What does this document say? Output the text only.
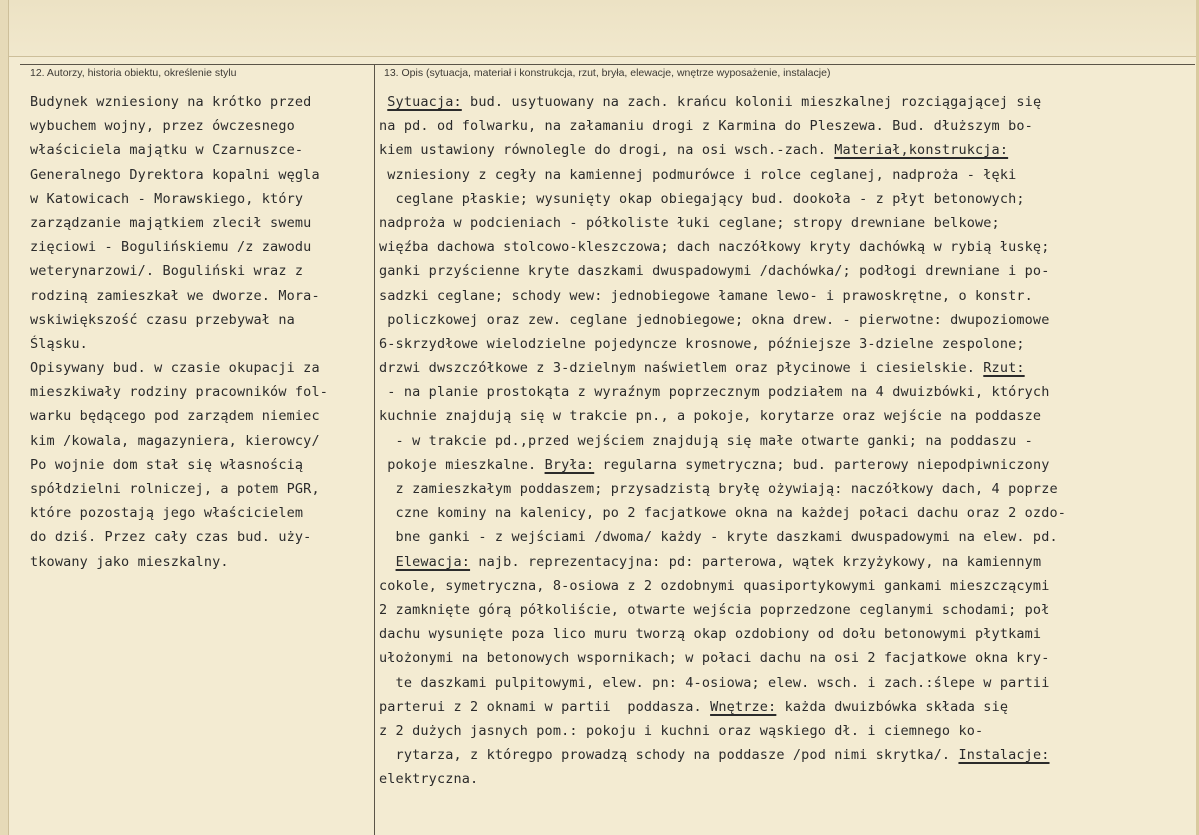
12. Autorzy, historia obiektu, określenie stylu	13. Opis (sytuacja, materiał i konstrukcja, rzut, bryła, elewacje, wnętrze wyposażenie, instalacje)
Budynek wzniesiony na krótko przed
wybuchem wojny, przez ówczesnego
właściciela majątku w Czarnuszce-
Generalnego Dyrektora kopalni węgla
w Katowicach - Morawskiego, który
zarządzanie majątkiem zlecił swemu
zięciowi - Bogulińskiemu /z zawodu
weterynarzowi/. Boguliński wraz z
rodziną zamieszkał we dworze. Mora-
wskiwiększość czasu przebywał na
Śląsku.
Opisywany bud. w czasie okupacji za
mieszkiwały rodziny pracowników fol-
warku będącego pod zarządem niemiec
kim /kowala, magazyniera, kierowcy/
Po wojnie dom stał się własnością
spółdzielni rolniczej, a potem PGR,
które pozostają jego właścicielem
do dziś. Przez cały czas bud. uży-
tkowany jako mieszkalny.
Sytuacja: bud. usytuowany na zach. krańcu kolonii mieszkalnej rozciągającej się
na pd. od folwarku, na załamaniu drogi z Karmina do Pleszewa. Bud. dłuższym bo-
kiem ustawiony równolegle do drogi, na osi wsch.-zach. Materiał,konstrukcja:
wzniesiony z cegły na kamiennej podmurówce i rolce ceglanej, nadproża - łęki
ceglane płaskie; wysunięty okap obiegający bud. dookoła - z płyt betonowych;
nadproża w podcieniach - półkoliste łuki ceglane; stropy drewniane belkowe;
więźba dachowa stolcowo-kleszczowa; dach naczółkowy kryty dachówką w rybią łuskę;
ganki przyścienne kryte daszkami dwuspadowymi /dachówka/; podłogi drewniane i po-
sadzki ceglane; schody wew: jednobiegowe łamane lewo- i prawoskrętne, o konstr.
policzkowej oraz zew. ceglane jednobiegowe; okna drew. - pierwotne: dwupoziomowe
6-skrzydłowe wielodzielne pojedyncze krosnowe, późniejsze 3-dzielne zespolone;
drzwi dwszczółkowe z 3-dzielnym naświetlem oraz płycinowe i ciesielskie. Rzut:
- na planie prostokąta z wyraźnym poprzecznym podziałem na 4 dwuizbówki, których
kuchnie znajdują się w trakcie pn., a pokoje, korytarze oraz wejście na poddasze
- w trakcie pd.,przed wejściem znajdują się małe otwarte ganki; na poddaszu -
pokoje mieszkalne. Bryła: regularna symetryczna; bud. parterowy niepodpiwniczony
z zamieszkałym poddaszem; przysadzistą bryłę ożywiają: naczółkowy dach, 4 poprze
czne kominy na kalenicy, po 2 facjatkowe okna na każdej połaci dachu oraz 2 ozdo-
bne ganki - z wejściami /dwoma/ każdy - kryte daszkami dwuspadowymi na elew. pd.
Elewacja: najb. reprezentacyjna: pd: parterowa, wątek krzyżykowy, na kamiennym
cokole, symetryczna, 8-osiowa z 2 ozdobnymi quasiportykowymi gankami mieszczącymi
2 zamknięte górą półkoliście, otwarte wejścia poprzedzone ceglanymi schodami; poł
dachu wysunięte poza lico muru tworzą okap ozdobiony od dołu betonowymi płytkami
ułożonymi na betonowych wspornikach; w połaci dachu na osi 2 facjatkowe okna kry-
te daszkami pulpitowymi, elew. pn: 4-osiowa; elew. wsch. i zach.:ślepe w partii
parterui z 2 oknami w partii  poddasza. Wnętrze: każda dwuizbówka składa się
z 2 dużych jasnych pom.: pokoju i kuchni oraz wąskiego dł. i ciemnego ko-
rytarza, z któregpo prowadzą schody na poddasze /pod nimi skrytka/. Instalacje:
elektryczna.
